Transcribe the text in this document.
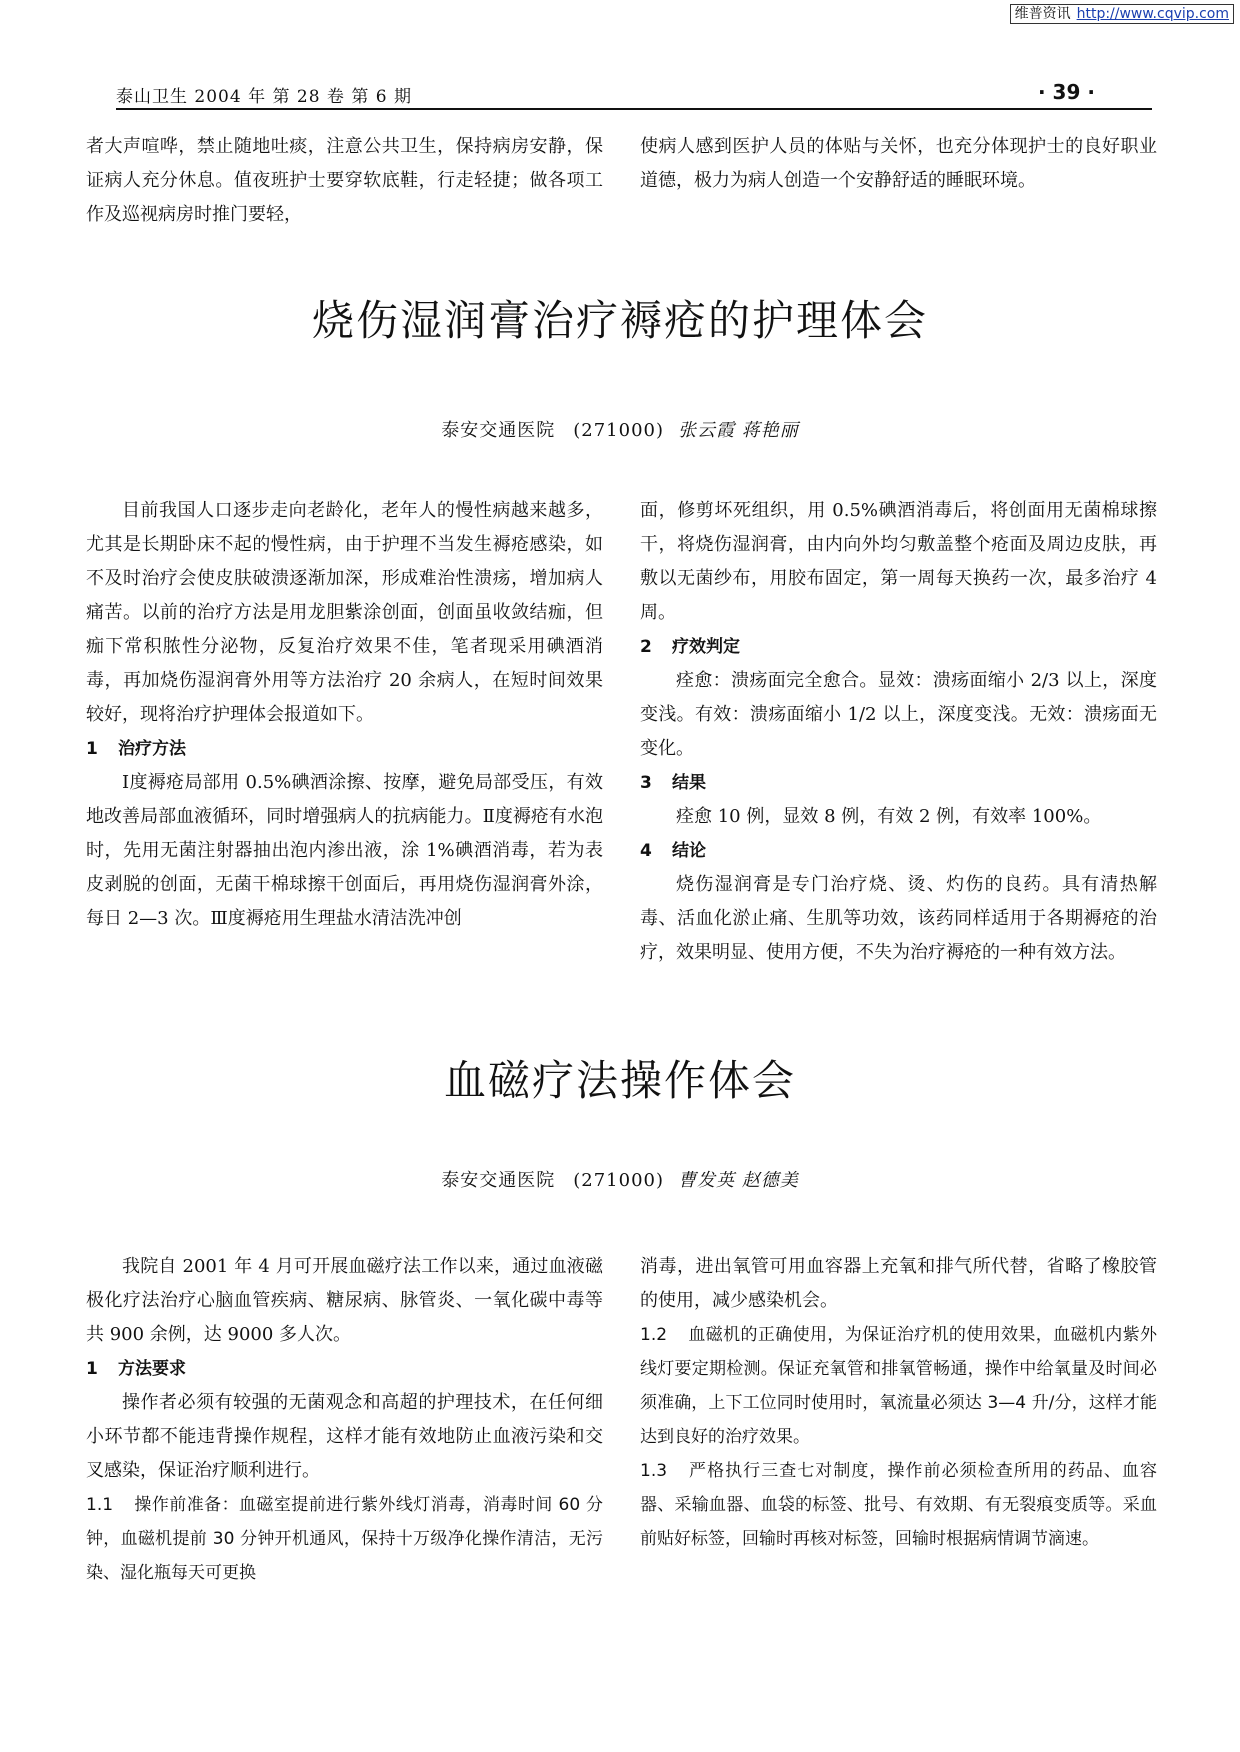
维普资讯 http://www.cqvip.com
泰山卫生 2004 年 第 28 卷 第 6 期	· 39 ·

者大声喧哗，禁止随地吐痰，注意公共卫生，保持病房安静，保证病人充分休息。值夜班护士要穿软底鞋，行走轻捷；做各项工作及巡视病房时推门要轻，

使病人感到医护人员的体贴与关怀，也充分体现护士的良好职业道德，极力为病人创造一个安静舒适的睡眠环境。

烧伤湿润膏治疗褥疮的护理体会
泰安交通医院 (271000) 张云霞 蒋艳丽

目前我国人口逐步走向老龄化，老年人的慢性病越来越多，尤其是长期卧床不起的慢性病，由于护理不当发生褥疮感染，如不及时治疗会使皮肤破溃逐渐加深，形成难治性溃疡，增加病人痛苦。以前的治疗方法是用龙胆紫涂创面，创面虽收敛结痂，但痂下常积脓性分泌物，反复治疗效果不佳，笔者现采用碘酒消毒，再加烧伤湿润膏外用等方法治疗 20 余病人，在短时间效果较好，现将治疗护理体会报道如下。

1 治疗方法

Ⅰ度褥疮局部用 0.5%碘酒涂擦、按摩，避免局部受压，有效地改善局部血液循环，同时增强病人的抗病能力。Ⅱ度褥疮有水泡时，先用无菌注射器抽出泡内渗出液，涂 1%碘酒消毒，若为表皮剥脱的创面，无菌干棉球擦干创面后，再用烧伤湿润膏外涂，每日 2—3 次。Ⅲ度褥疮用生理盐水清洁洗冲创

面，修剪坏死组织，用 0.5%碘酒消毒后，将创面用无菌棉球擦干，将烧伤湿润膏，由内向外均匀敷盖整个疮面及周边皮肤，再敷以无菌纱布，用胶布固定，第一周每天换药一次，最多治疗 4 周。

2 疗效判定

痊愈：溃疡面完全愈合。显效：溃疡面缩小 2/3 以上，深度变浅。有效：溃疡面缩小 1/2 以上，深度变浅。无效：溃疡面无变化。

3 结果

痊愈 10 例，显效 8 例，有效 2 例，有效率 100%。

4 结论

烧伤湿润膏是专门治疗烧、烫、灼伤的良药。具有清热解毒、活血化淤止痛、生肌等功效，该药同样适用于各期褥疮的治疗，效果明显、使用方便，不失为治疗褥疮的一种有效方法。

血磁疗法操作体会
泰安交通医院 (271000) 曹发英 赵德美

我院自 2001 年 4 月可开展血磁疗法工作以来，通过血液磁极化疗法治疗心脑血管疾病、糖尿病、脉管炎、一氧化碳中毒等共 900 余例，达 9000 多人次。

1 方法要求

操作者必须有较强的无菌观念和高超的护理技术，在任何细小环节都不能违背操作规程，这样才能有效地防止血液污染和交叉感染，保证治疗顺利进行。

1.1 操作前准备：血磁室提前进行紫外线灯消毒，消毒时间 60 分钟，血磁机提前 30 分钟开机通风，保持十万级净化操作清洁，无污染、湿化瓶每天可更换

消毒，进出氧管可用血容器上充氧和排气所代替，省略了橡胶管的使用，减少感染机会。

1.2 血磁机的正确使用，为保证治疗机的使用效果，血磁机内紫外线灯要定期检测。保证充氧管和排氧管畅通，操作中给氧量及时间必须准确，上下工位同时使用时，氧流量必须达 3—4 升/分，这样才能达到良好的治疗效果。

1.3 严格执行三查七对制度，操作前必须检查所用的药品、血容器、采输血器、血袋的标签、批号、有效期、有无裂痕变质等。采血前贴好标签，回输时再核对标签，回输时根据病情调节滴速。
